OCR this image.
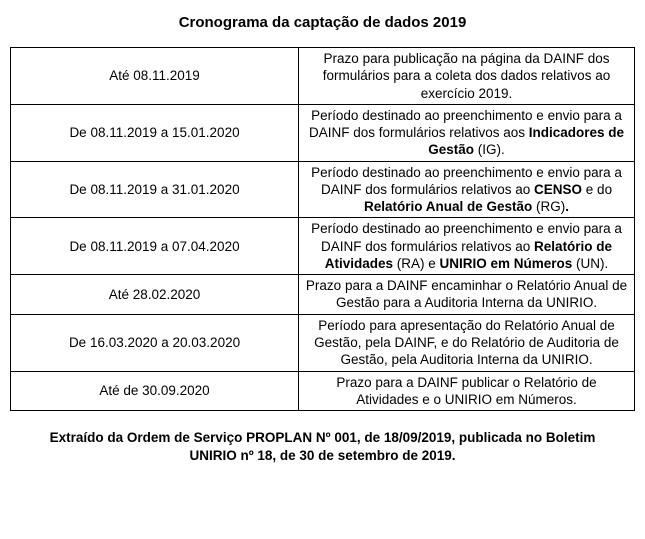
Cronograma da captação de dados 2019
Até 08.11.2019	Prazo para publicação na página da DAINF dos formulários para a coleta dos dados relativos ao exercício 2019.
De 08.11.2019 a 15.01.2020	Período destinado ao preenchimento e envio para a DAINF dos formulários relativos aos Indicadores de Gestão (IG).
De 08.11.2019 a 31.01.2020	Período destinado ao preenchimento e envio para a DAINF dos formulários relativos ao CENSO e do Relatório Anual de Gestão (RG).
De 08.11.2019 a 07.04.2020	Período destinado ao preenchimento e envio para a DAINF dos formulários relativos ao Relatório de Atividades (RA) e UNIRIO em Números (UN).
Até 28.02.2020	Prazo para a DAINF encaminhar o Relatório Anual de Gestão para a Auditoria Interna da UNIRIO.
De 16.03.2020 a 20.03.2020	Período para apresentação do Relatório Anual de Gestão, pela DAINF, e do Relatório de Auditoria de Gestão, pela Auditoria Interna da UNIRIO.
Até de 30.09.2020	Prazo para a DAINF publicar o Relatório de Atividades e o UNIRIO em Números.
Extraído da Ordem de Serviço PROPLAN Nº 001, de 18/09/2019, publicada no Boletim UNIRIO nº 18, de 30 de setembro de 2019.
